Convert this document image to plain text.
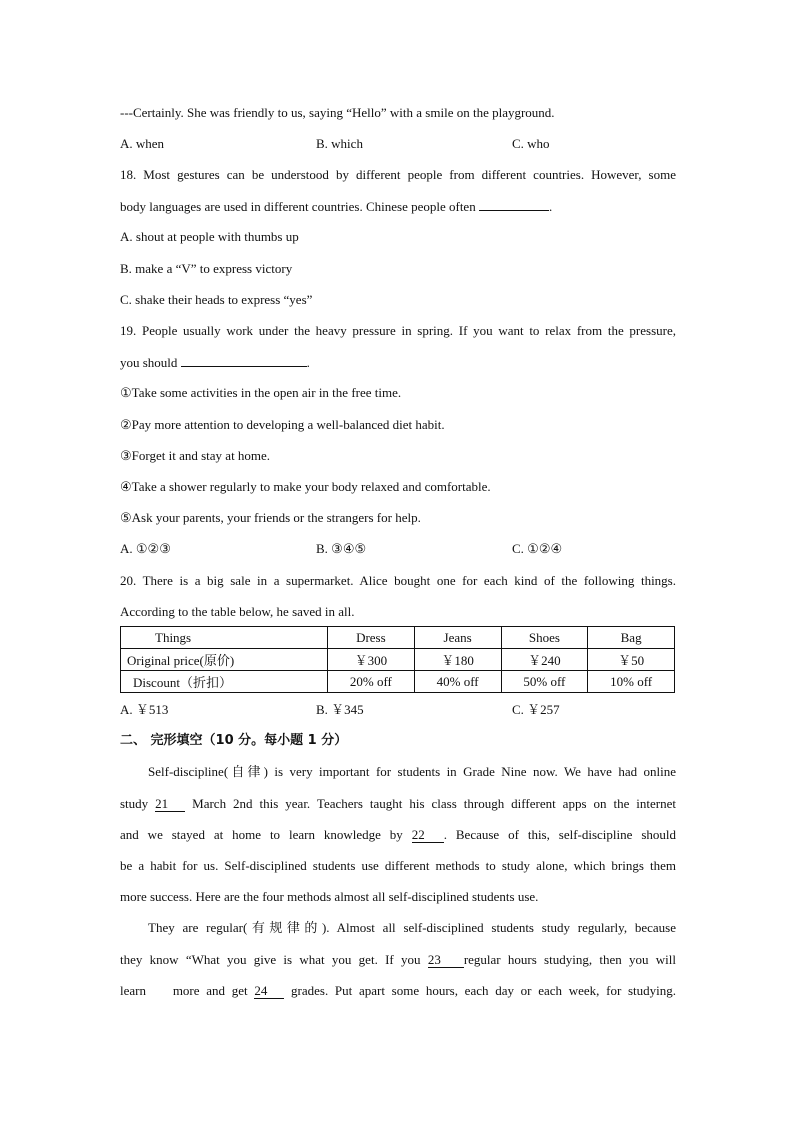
---Certainly. She was friendly to us, saying “Hello” with a smile on the playground.
A. when	B. which	C. who
18. Most gestures can be understood by different people from different countries. However, some
body languages are used in different countries. Chinese people often	.
A. shout at people with thumbs up
B. make a “V” to express victory
C. shake their heads to express “yes”
19. People usually work under the heavy pressure in spring. If you want to relax from the pressure,
you should	.
①Take some activities in the open air in the free time.
②Pay more attention to developing a well-balanced diet habit.
③Forget it and stay at home.
④Take a shower regularly to make your body relaxed and comfortable.
⑤Ask your parents, your friends or the strangers for help.
A. ①②③	B. ③④⑤	C. ①②④
20. There is a big sale in a supermarket. Alice bought one for each kind of the following things.
According to the table below, he saved in all.
Things	Dress	Jeans	Shoes	Bag
Original price(原价)	￥300	￥180	￥240	￥50
Discount（折扣）	20% off	40% off	50% off	10% off
A. ￥513	B. ￥345	C. ￥257
二、 完形填空（10 分。每小题 1 分）
Self-discipline(自律) is very important for students in Grade Nine now. We have had online
study 21 March 2nd this year. Teachers taught his class through different apps on the internet
and we stayed at home to learn knowledge by 22 . Because of this, self-discipline should
be a habit for us. Self-disciplined students use different methods to study alone, which brings them
more success. Here are the four methods almost all self-disciplined students use.
They are regular(有规律的). Almost all self-disciplined students study regularly, because
they know “What you give is what you get. If you 23 regular hours studying, then you will
learn    more and get 24 grades. Put apart some hours, each day or each week, for studying.
